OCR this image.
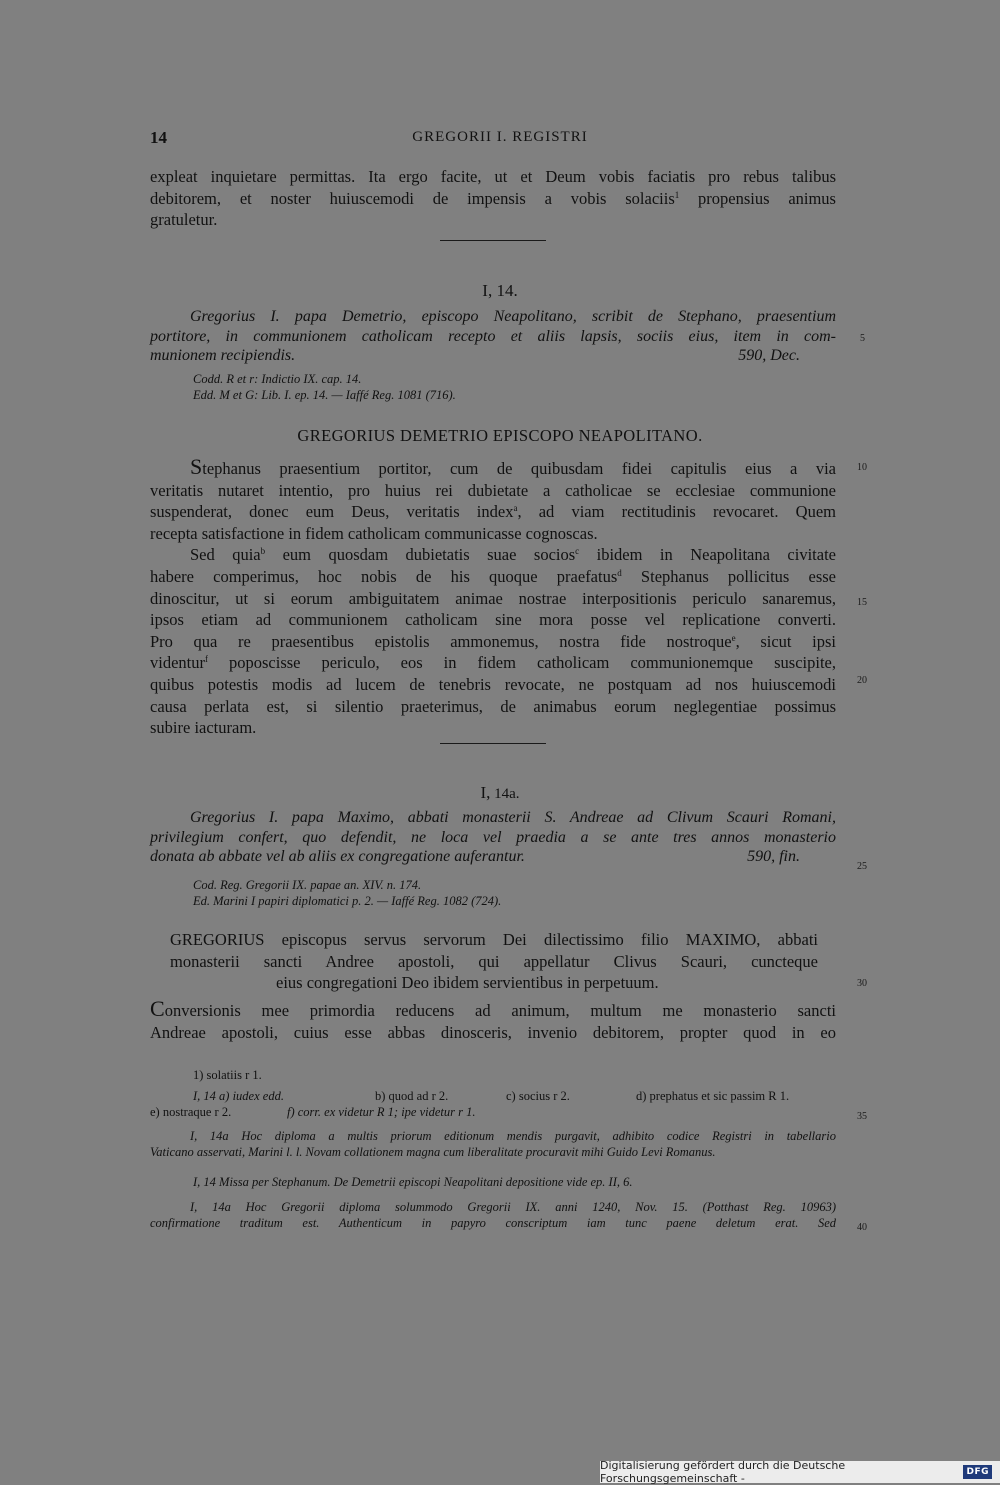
14	GREGORII I. REGISTRI
expleat inquietare permittas. Ita ergo facite, ut et Deum vobis faciatis pro rebus talibus
debitorem, et noster huiuscemodi de impensis a vobis solaciis$^1$ propensius animus
gratuletur.
I, 14.
Gregorius I. papa Demetrio, episcopo Neapolitano, scribit de Stephano, praesentium
portitore, in communionem catholicam recepto et aliis lapsis, sociis eius, item in com-
munionem recipiendis.	590, Dec.
Codd. R et r: Indictio IX. cap. 14.
Edd. M et G: Lib. I. ep. 14. — Iaffé Reg. 1081 (716).
GREGORIUS DEMETRIO EPISCOPO NEAPOLITANO.
Stephanus praesentium portitor, cum de quibusdam fidei capitulis eius a via
veritatis nutaret intentio, pro huius rei dubietate a catholicae se ecclesiae communione
suspenderat, donec eum Deus, veritatis index$^a$, ad viam rectitudinis revocaret. Quem
recepta satisfactione in fidem catholicam communicasse cognoscas.
Sed quia$^b$ eum quosdam dubietatis suae socios$^c$ ibidem in Neapolitana civitate
habere comperimus, hoc nobis de his quoque praefatus$^d$ Stephanus pollicitus esse
dinoscitur, ut si eorum ambiguitatem animae nostrae interpositionis periculo sanaremus,
ipsos etiam ad communionem catholicam sine mora posse vel replicatione converti.
Pro qua re praesentibus epistolis ammonemus, nostra fide nostroque$^e$, sicut ipsi
videntur$^f$ poposcisse periculo, eos in fidem catholicam communionemque suscipite,
quibus potestis modis ad lucem de tenebris revocate, ne postquam ad nos huiuscemodi
causa perlata est, si silentio praeterimus, de animabus eorum neglegentiae possimus
subire iacturam.
I, 14a.
Gregorius I. papa Maximo, abbati monasterii S. Andreae ad Clivum Scauri Romani,
privilegium confert, quo defendit, ne loca vel praedia a se ante tres annos monasterio
donata ab abbate vel ab aliis ex congregatione auferantur.	590, fin.
Cod. Reg. Gregorii IX. papae an. XIV. n. 174.
Ed. Marini I papiri diplomatici p. 2. — Iaffé Reg. 1082 (724).
GREGORIUS episcopus servus servorum Dei dilectissimo filio MAXIMO, abbati
monasterii sancti Andree apostoli, qui appellatur Clivus Scauri, cuncteque
eius congregationi Deo ibidem servientibus in perpetuum.
Conversionis mee primordia reducens ad animum, multum me monasterio sancti
Andreae apostoli, cuius esse abbas dinosceris, invenio debitorem, propter quod in eo
1) solatiis r 1.
I, 14 a) iudex edd.	b) quod ad r 2.	c) socius r 2.	d) prephatus et sic passim R 1.
e) nostraque r 2.	f) corr. ex videtur R 1; ipe videtur r 1.
I, 14a Hoc diploma a multis priorum editionum mendis purgavit, adhibito codice Registri in tabellario
Vaticano asservati, Marini l. l. Novam collationem magna cum liberalitate procuravit mihi Guido Levi Romanus.
I, 14 Missa per Stephanum. De Demetrii episcopi Neapolitani depositione vide ep. II, 6.
I, 14a Hoc Gregorii diploma solummodo Gregorii IX. anni 1240, Nov. 15. (Potthast Reg. 10963)
confirmatione traditum est. Authenticum in papyro conscriptum iam tunc paene deletum erat. Sed
5
10
15
20
25
30
35
40
Digitalisierung gefördert durch die Deutsche Forschungsgemeinschaft -	DFG
